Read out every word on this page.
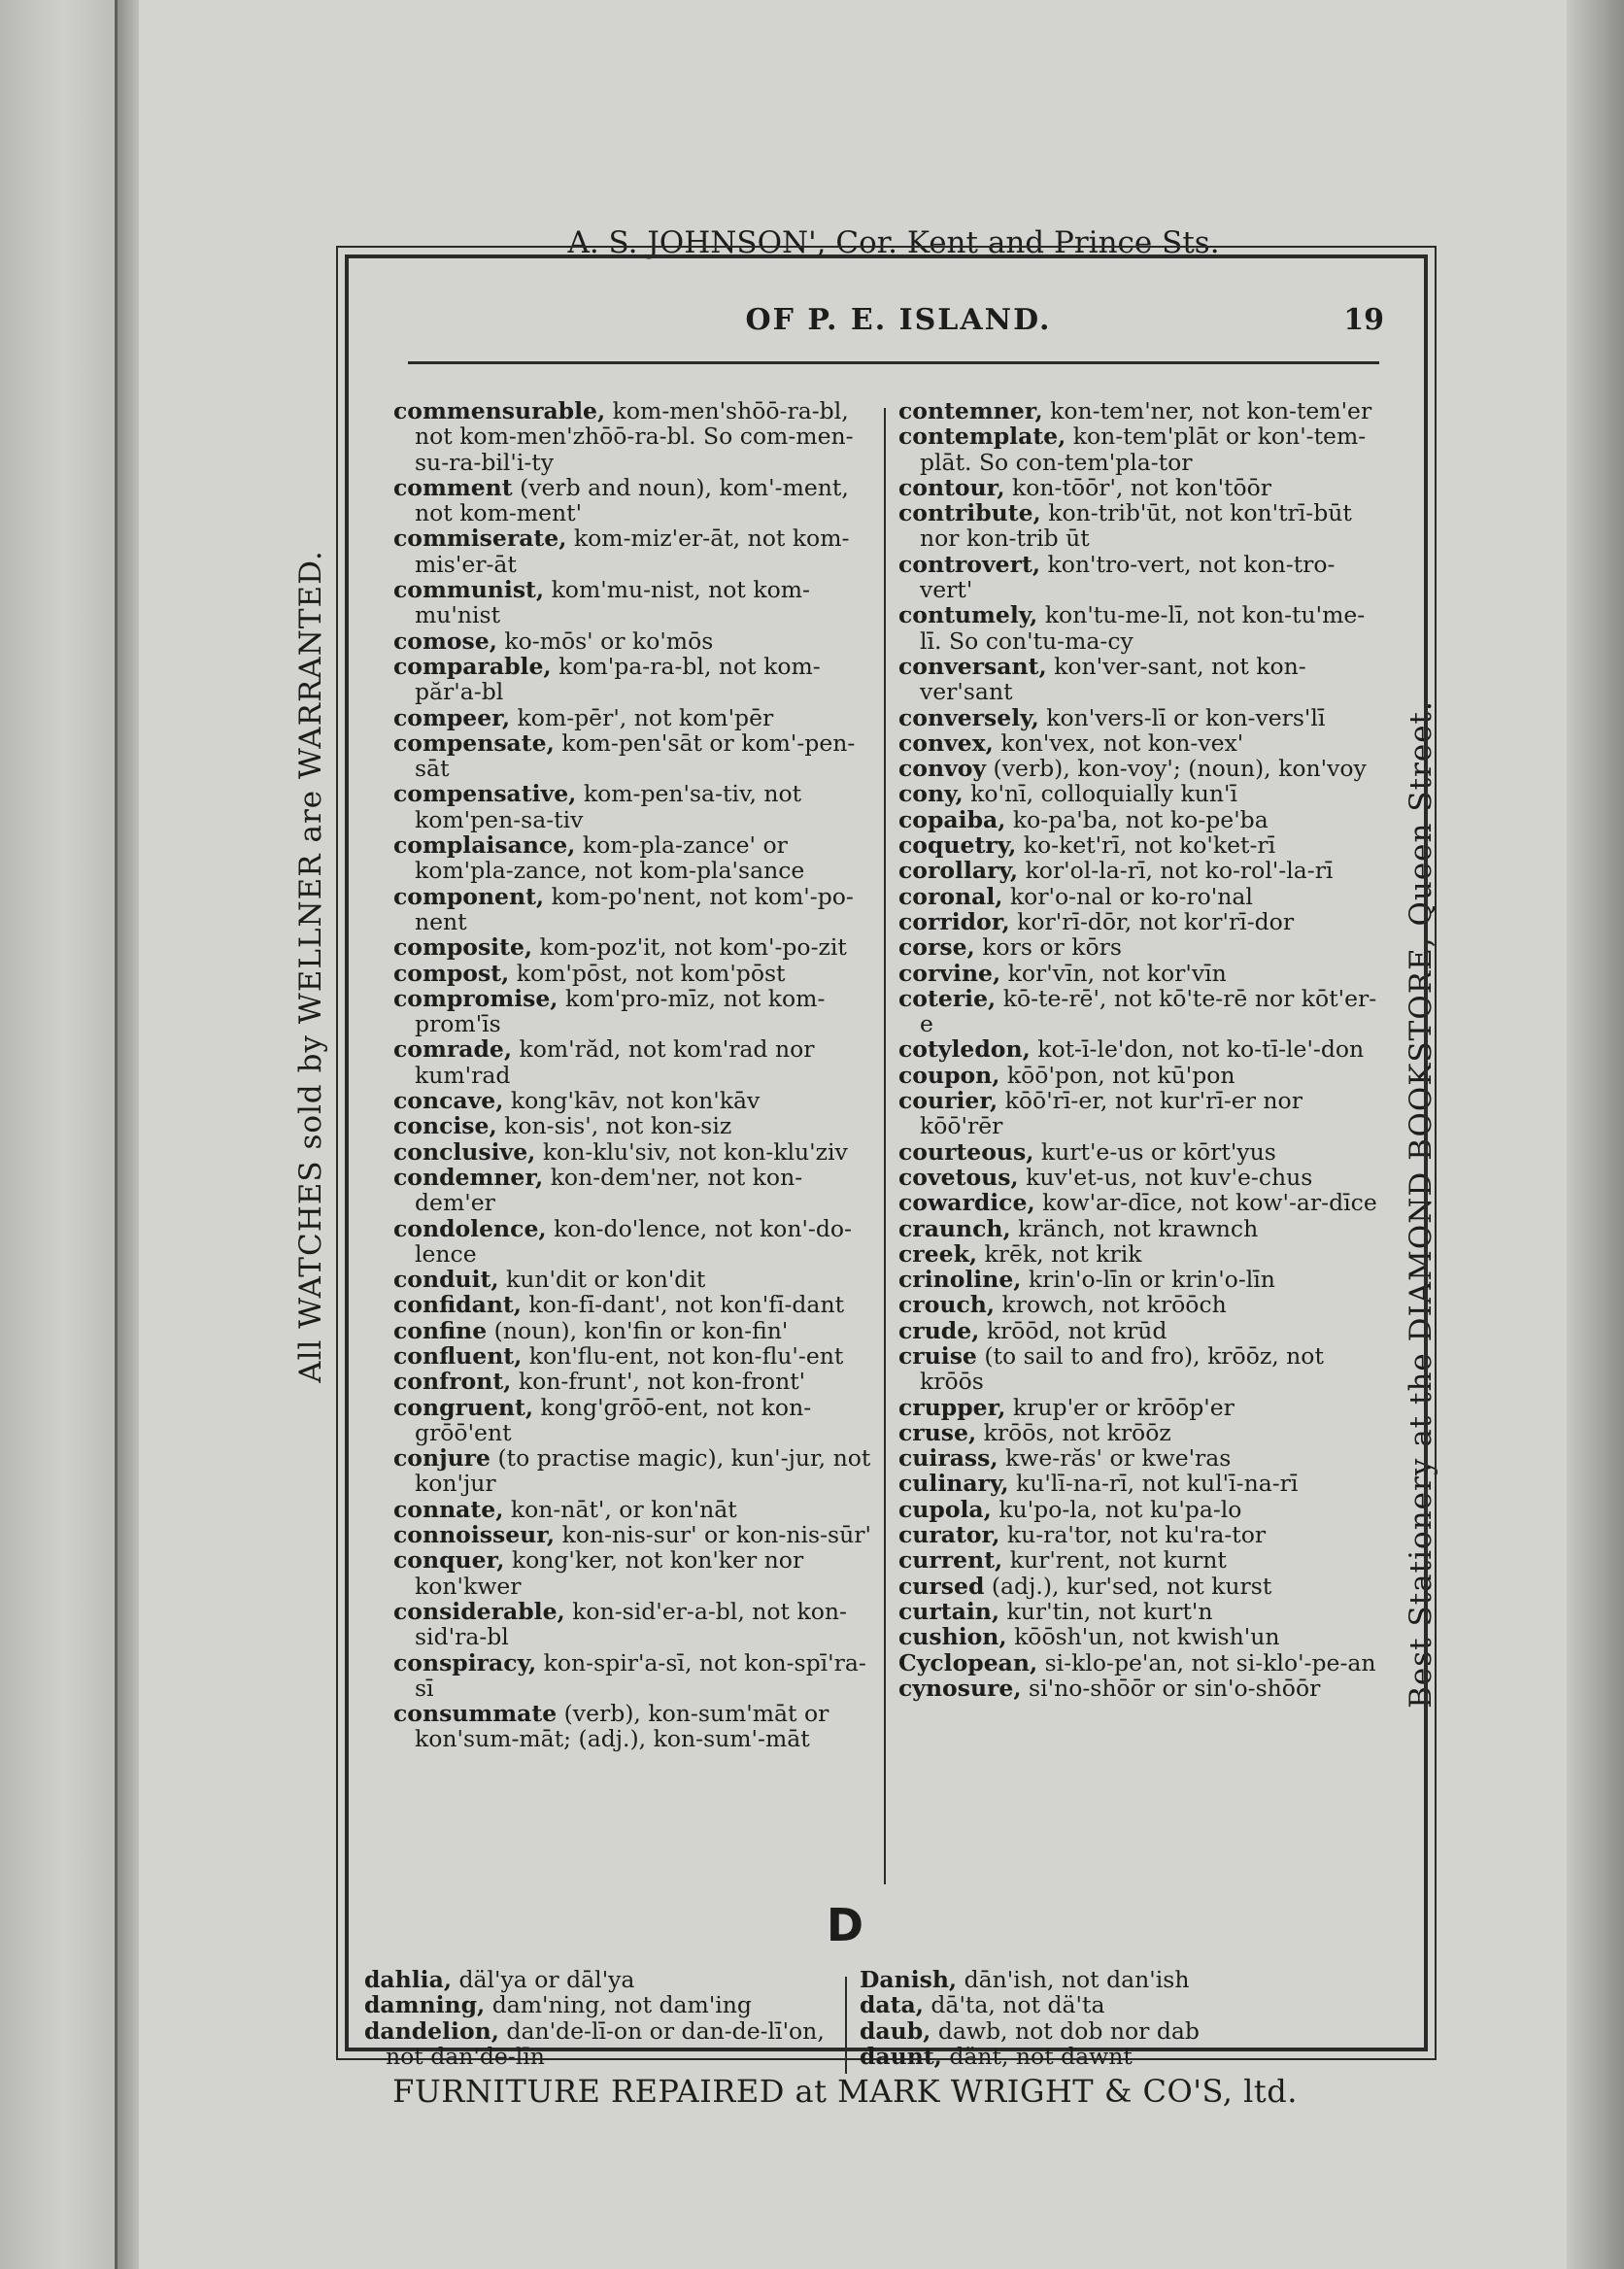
A. S. JOHNSON', Cor. Kent and Prince Sts.
All WATCHES sold by WELLNER are WARRANTED.	Best Stationery at the DIAMOND BOOKSTORE, Queen Street.
OF P. E. ISLAND.	19
commensurable, kom-men'shōō-ra-bl, not kom-men'zhōō-ra-bl. So com-men-su-ra-bil'i-ty
comment (verb and noun), kom'-ment, not kom-ment'
commiserate, kom-miz'er-āt, not kom-mis'er-āt
communist, kom'mu-nist, not kom-mu'nist
comose, ko-mōs' or ko'mōs
comparable, kom'pa-ra-bl, not kom-păr'a-bl
compeer, kom-pēr', not kom'pēr
compensate, kom-pen'sāt or kom'-pen-sāt
compensative, kom-pen'sa-tiv, not kom'pen-sa-tiv
complaisance, kom-pla-zance' or kom'pla-zance, not kom-pla'sance
component, kom-po'nent, not kom'-po-nent
composite, kom-poz'it, not kom'-po-zit
compost, kom'pōst, not kom'pōst
compromise, kom'pro-mīz, not kom-prom'īs
comrade, kom'răd, not kom'rad nor kum'rad
concave, kong'kāv, not kon'kāv
concise, kon-sis', not kon-siz
conclusive, kon-klu'siv, not kon-klu'ziv
condemner, kon-dem'ner, not kon-dem'er
condolence, kon-do'lence, not kon'-do-lence
conduit, kun'dit or kon'dit
confidant, kon-fī-dant', not kon'fī-dant
confine (noun), kon'fin or kon-fin'
confluent, kon'flu-ent, not kon-flu'-ent
confront, kon-frunt', not kon-front'
congruent, kong'grōō-ent, not kon-grōō'ent
conjure (to practise magic), kun'-jur, not kon'jur
connate, kon-nāt', or kon'nāt
connoisseur, kon-nis-sur' or kon-nis-sūr'
conquer, kong'ker, not kon'ker nor kon'kwer
considerable, kon-sid'er-a-bl, not kon-sid'ra-bl
conspiracy, kon-spir'a-sī, not kon-spī'ra-sī
consummate (verb), kon-sum'māt or kon'sum-māt; (adj.), kon-sum'-māt
contemner, kon-tem'ner, not kon-tem'er
contemplate, kon-tem'plāt or kon'-tem-plāt. So con-tem'pla-tor
contour, kon-tōōr', not kon'tōōr
contribute, kon-trib'ūt, not kon'trī-būt nor kon-trib ūt
controvert, kon'tro-vert, not kon-tro-vert'
contumely, kon'tu-me-lī, not kon-tu'me-lī. So con'tu-ma-cy
conversant, kon'ver-sant, not kon-ver'sant
conversely, kon'vers-lī or kon-vers'lī
convex, kon'vex, not kon-vex'
convoy (verb), kon-voy'; (noun), kon'voy
cony, ko'nī, colloquially kun'ī
copaiba, ko-pa'ba, not ko-pe'ba
coquetry, ko-ket'rī, not ko'ket-rī
corollary, kor'ol-la-rī, not ko-rol'-la-rī
coronal, kor'o-nal or ko-ro'nal
corridor, kor'rī-dōr, not kor'rī-dor
corse, kors or kōrs
corvine, kor'vīn, not kor'vīn
coterie, kō-te-rē', not kō'te-rē nor kōt'er-e
cotyledon, kot-ī-le'don, not ko-tī-le'-don
coupon, kōō'pon, not kū'pon
courier, kōō'rī-er, not kur'rī-er nor kōō'rēr
courteous, kurt'e-us or kōrt'yus
covetous, kuv'et-us, not kuv'e-chus
cowardice, kow'ar-dīce, not kow'-ar-dīce
craunch, kränch, not krawnch
creek, krēk, not krik
crinoline, krin'o-līn or krin'o-līn
crouch, krowch, not krōōch
crude, krōōd, not krūd
cruise (to sail to and fro), krōōz, not krōōs
crupper, krup'er or krōōp'er
cruse, krōōs, not krōōz
cuirass, kwe-răs' or kwe'ras
culinary, ku'lī-na-rī, not kul'ī-na-rī
cupola, ku'po-la, not ku'pa-lo
curator, ku-ra'tor, not ku'ra-tor
current, kur'rent, not kurnt
cursed (adj.), kur'sed, not kurst
curtain, kur'tin, not kurt'n
cushion, kōōsh'un, not kwish'un
Cyclopean, si-klo-pe'an, not si-klo'-pe-an
cynosure, si'no-shōōr or sin'o-shōōr
D
dahlia, däl'ya or dāl'ya
damning, dam'ning, not dam'ing
dandelion, dan'de-lī-on or dan-de-lī'on, not dan'de-līn
Danish, dān'ish, not dan'ish
data, dā'ta, not dä'ta
daub, dawb, not dob nor dab
daunt, dänt, not dawnt
FURNITURE REPAIRED at MARK WRIGHT & CO'S, ltd.
